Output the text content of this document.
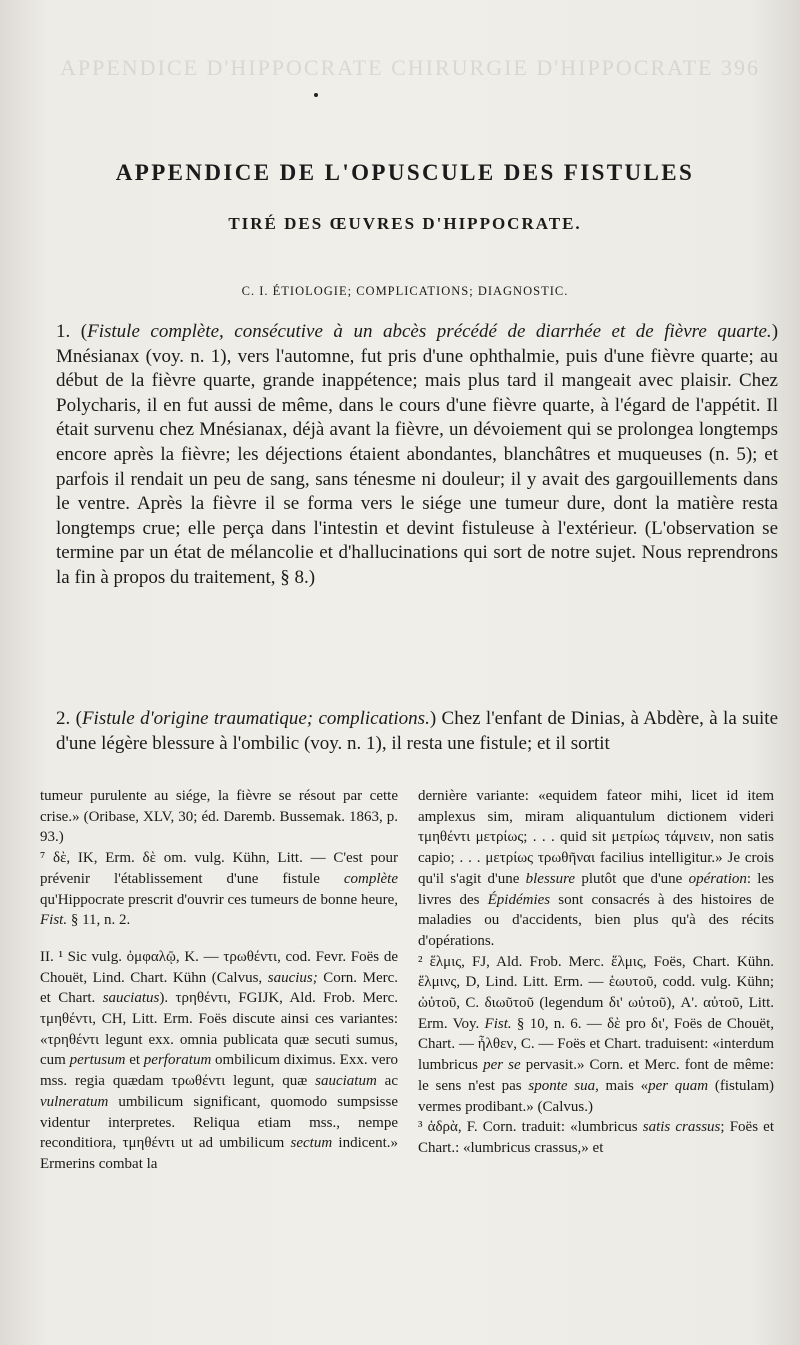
APPENDICE D'HIPPOCRATE CHIRURGIE D'HIPPOCRATE 396
APPENDICE DE L'OPUSCULE DES FISTULES
TIRÉ DES ŒUVRES D'HIPPOCRATE.
C. I. ÉTIOLOGIE; COMPLICATIONS; DIAGNOSTIC.

1. (Fistule complète, consécutive à un abcès précédé de diarrhée et de fièvre quarte.) Mnésianax (voy. n. 1), vers l'automne, fut pris d'une ophthalmie, puis d'une fièvre quarte; au début de la fièvre quarte, grande inappétence; mais plus tard il mangeait avec plaisir. Chez Polycharis, il en fut aussi de même, dans le cours d'une fièvre quarte, à l'égard de l'appétit. Il était survenu chez Mnésianax, déjà avant la fièvre, un dévoiement qui se prolongea longtemps encore après la fièvre; les déjections étaient abondantes, blanchâtres et muqueuses (n. 5); et parfois il rendait un peu de sang, sans ténesme ni douleur; il y avait des gargouillements dans le ventre. Après la fièvre il se forma vers le siége une tumeur dure, dont la matière resta longtemps crue; elle perça dans l'intestin et devint fistuleuse à l'extérieur. (L'observation se termine par un état de mélancolie et d'hallucinations qui sort de notre sujet. Nous reprendrons la fin à propos du traitement, § 8.)

2. (Fistule d'origine traumatique; complications.) Chez l'enfant de Dinias, à Abdère, à la suite d'une légère blessure à l'ombilic (voy. n. 1), il resta une fistule; et il sortit

tumeur purulente au siége, la fièvre se résout par cette crise.» (Oribase, XLV, 30; éd. Daremb. Bussemak. 1863, p. 93.)

⁷ δὲ, IK, Erm. δὲ om. vulg. Kühn, Litt. — C'est pour prévenir l'établissement d'une fistule complète qu'Hippocrate prescrit d'ouvrir ces tumeurs de bonne heure, Fist. § 11, n. 2.

II. ¹ Sic vulg. ὀμφαλῷ, K. — τρωθέντι, cod. Fevr. Foës de Chouët, Lind. Chart. Kühn (Calvus, saucius; Corn. Merc. et Chart. sauciatus). τρηθέντι, FGIJK, Ald. Frob. Merc. τμηθέντι, CH, Litt. Erm. Foës discute ainsi ces variantes: «τρηθέντι legunt exx. omnia publicata quæ secuti sumus, cum pertusum et perforatum ombilicum diximus. Exx. vero mss. regia quædam τρωθέντι legunt, quæ sauciatum ac vulneratum umbilicum significant, quomodo sumpsisse videntur interpretes. Reliqua etiam mss., nempe reconditiora, τμηθέντι ut ad umbilicum sectum indicent.» Ermerins combat la

dernière variante: «equidem fateor mihi, licet id item amplexus sim, miram aliquantulum dictionem videri τμηθέντι μετρίως; . . . quid sit μετρίως τάμνειν, non satis capio; . . . μετρίως τρωθῆναι facilius intelligitur.» Je crois qu'il s'agit d'une blessure plutôt que d'une opération: les livres des Épidémies sont consacrés à des histoires de maladies ou d'accidents, bien plus qu'à des récits d'opérations.

² ἕλμις, FJ, Ald. Frob. Merc. ἕλμις, Foës, Chart. Kühn. ἕλμινς, D, Lind. Litt. Erm. — ἑωυτοῦ, codd. vulg. Kühn; ὠὐτοῦ, C. διωῦτοῦ (legendum δι' ωὐτοῦ), A'. αὐτοῦ, Litt. Erm. Voy. Fist. § 10, n. 6. — δὲ pro δι', Foës de Chouët, Chart. — ἦλθεν, C. — Foës et Chart. traduisent: «interdum lumbricus per se pervasit.» Corn. et Merc. font de même: le sens n'est pas sponte sua, mais «per quam (fistulam) vermes prodibant.» (Calvus.)

³ ἁδρὰ, F. Corn. traduit: «lumbricus satis crassus; Foës et Chart.: «lumbricus crassus,» et
